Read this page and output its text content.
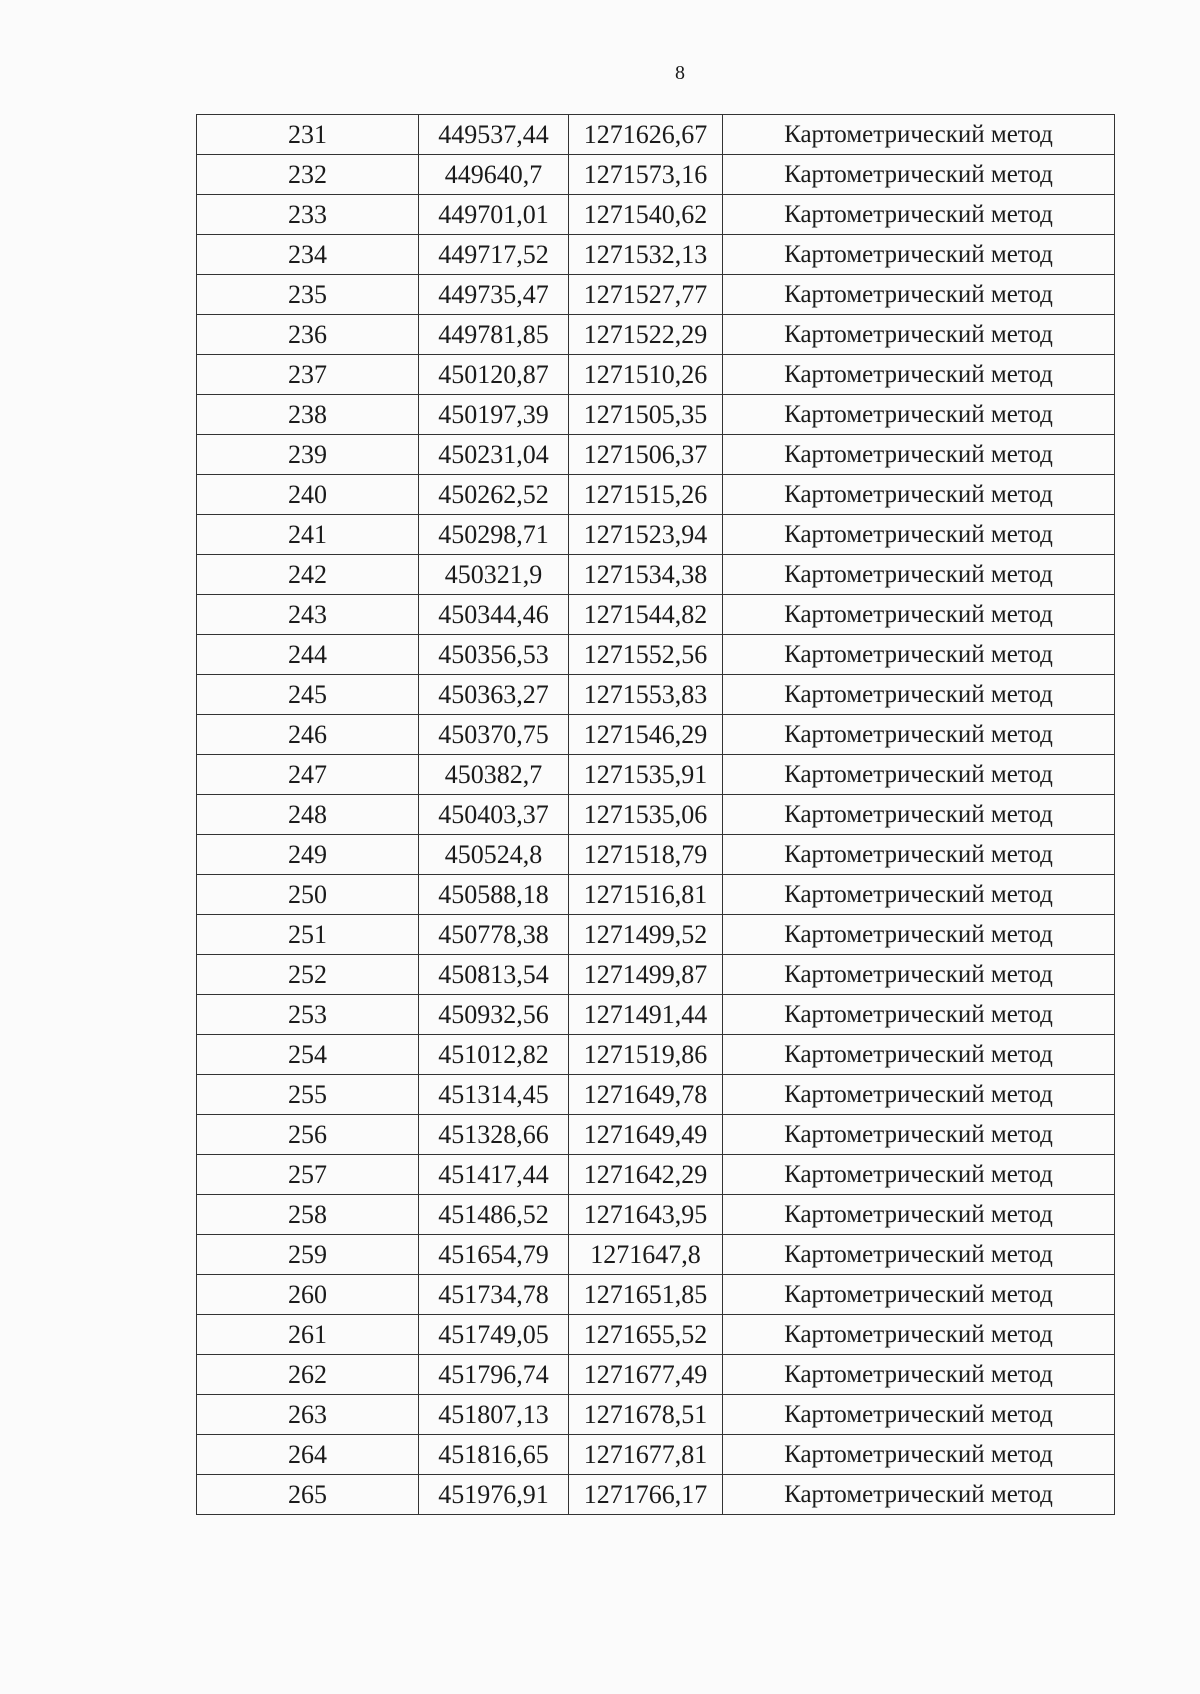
8
231	449537,44	1271626,67	Картометрический метод
232	449640,7	1271573,16	Картометрический метод
233	449701,01	1271540,62	Картометрический метод
234	449717,52	1271532,13	Картометрический метод
235	449735,47	1271527,77	Картометрический метод
236	449781,85	1271522,29	Картометрический метод
237	450120,87	1271510,26	Картометрический метод
238	450197,39	1271505,35	Картометрический метод
239	450231,04	1271506,37	Картометрический метод
240	450262,52	1271515,26	Картометрический метод
241	450298,71	1271523,94	Картометрический метод
242	450321,9	1271534,38	Картометрический метод
243	450344,46	1271544,82	Картометрический метод
244	450356,53	1271552,56	Картометрический метод
245	450363,27	1271553,83	Картометрический метод
246	450370,75	1271546,29	Картометрический метод
247	450382,7	1271535,91	Картометрический метод
248	450403,37	1271535,06	Картометрический метод
249	450524,8	1271518,79	Картометрический метод
250	450588,18	1271516,81	Картометрический метод
251	450778,38	1271499,52	Картометрический метод
252	450813,54	1271499,87	Картометрический метод
253	450932,56	1271491,44	Картометрический метод
254	451012,82	1271519,86	Картометрический метод
255	451314,45	1271649,78	Картометрический метод
256	451328,66	1271649,49	Картометрический метод
257	451417,44	1271642,29	Картометрический метод
258	451486,52	1271643,95	Картометрический метод
259	451654,79	1271647,8	Картометрический метод
260	451734,78	1271651,85	Картометрический метод
261	451749,05	1271655,52	Картометрический метод
262	451796,74	1271677,49	Картометрический метод
263	451807,13	1271678,51	Картометрический метод
264	451816,65	1271677,81	Картометрический метод
265	451976,91	1271766,17	Картометрический метод
